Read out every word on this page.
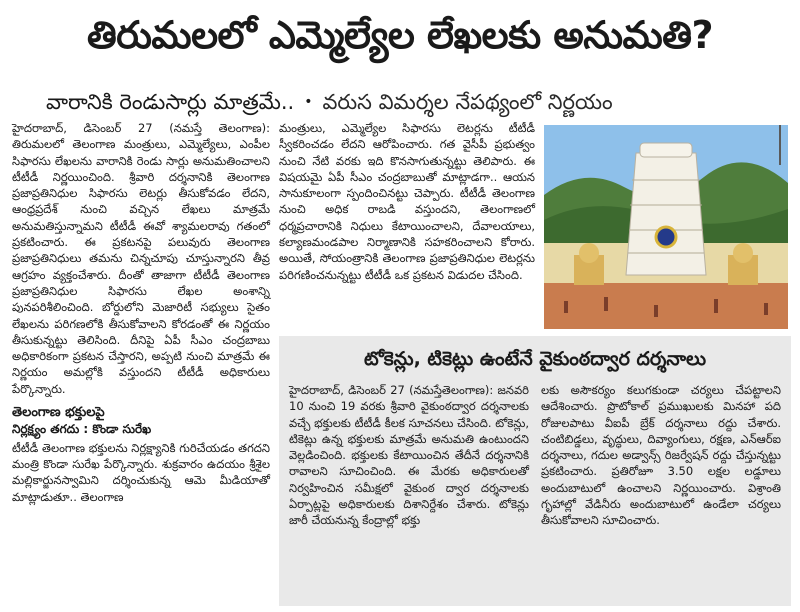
తిరుమలలో ఎమ్మెల్యేల లేఖలకు అనుమతి?
వారానికి రెండుసార్లు మాత్రమే.. • వరుస విమర్శల నేపథ్యంలో నిర్ణయం

హైదరాబాద్, డిసెంబర్ 27 (నమస్తే తెలంగాణ): తిరుమలలో తెలంగాణ మంత్రులు, ఎమ్మెల్యేలు, ఎంపీల సిఫారసు లేఖలను వారానికి రెండు సార్లు అనుమతించాలని టీటీడీ నిర్ణయించింది. శ్రీవారి దర్శనానికి తెలంగాణ ప్రజాప్రతినిధుల సిఫారసు లెటర్లు తీసుకోవడం లేదని, ఆంధ్రప్రదేశ్ నుంచి వచ్చిన లేఖలు మాత్రమే అనుమతిస్తున్నామని టీటీడీ ఈవో శ్యామలరావు గతంలో ప్రకటించారు. ఈ ప్రకటనపై పలువురు తెలంగాణ ప్రజాప్రతినిధులు తమను చిన్నచూపు చూస్తున్నారని తీవ్ర ఆగ్రహం వ్యక్తంచేశారు. దీంతో తాజాగా టీటీడీ తెలంగాణ ప్రజాప్రతినిధుల సిఫారసు లేఖల అంశాన్ని పునపరిశీలించింది. బోర్డులోని మెజారిటీ సభ్యులు సైతం లేఖలను పరిగణలోకి తీసుకోవాలని కోరడంతో ఈ నిర్ణయం తీసుకున్నట్టు తెలిసింది. దీనిపై ఏపీ సీఎం చంద్రబాబు అధికారికంగా ప్రకటన చేస్తారని, అప్పటి నుంచి మాత్రమే ఈ నిర్ణయం అమల్లోకి వస్తుందని టీటీడీ అధికారులు పేర్కొన్నారు.

తెలంగాణ భక్తులపై
నిర్లక్ష్యం తగదు : కొండా సురేఖ

టీటీడీ తెలంగాణ భక్తులను నిర్లక్ష్యానికి గురిచేయడం తగదని మంత్రి కొండా సురేఖ పేర్కొన్నారు. శుక్రవారం ఉదయం శ్రీశైల మల్లికార్జునస్వామిని దర్శించుకున్న ఆమె మీడియాతో మాట్లాడుతూ.. తెలంగాణ

మంత్రులు, ఎమ్మెల్యేల సిఫారసు లెటర్లను టీటీడీ స్వీకరించడం లేదని ఆరోపించారు. గత వైసీపీ ప్రభుత్వం నుంచి నేటి వరకు ఇది కొనసాగుతున్నట్టు తెలిపారు. ఈ విషయమై ఏపీ సీఎం చంద్రబాబుతో మాట్లాడగా.. ఆయన సానుకూలంగా స్పందించినట్టు చెప్పారు. టీటీడీ తెలంగాణ నుంచి అధిక రాబడి వస్తుందని, తెలంగాణలో ధర్మప్రచారానికి నిధులు కేటాయించాలని, దేవాలయాలు, కల్యాణమండపాల నిర్మాణానికి సహకరించాలని కోరారు. అయితే, సోయంత్రానికి తెలంగాణ ప్రజాప్రతినిధుల లెటర్లను పరిగణించనున్నట్టు టీటీడీ ఒక ప్రకటన విడుదల చేసింది.

టోకెన్లు, టికెట్లు ఉంటేనే వైకుంఠద్వార దర్శనాలు

హైదరాబాద్, డిసెంబర్ 27 (నమస్తేతెలంగాణ): జనవరి 10 నుంచి 19 వరకు శ్రీవారి వైకుంఠద్వార దర్శనాలకు వచ్చే భక్తులకు టీటీడీ కీలక సూచనలు చేసింది. టోకెన్లు, టికెట్లు ఉన్న భక్తులకు మాత్రమే అనుమతి ఉంటుందని వెల్లడించింది. భక్తులకు కేటాయించిన తేదీనే దర్శనానికి రావాలని సూచించింది. ఈ మేరకు అధికారులతో నిర్వహించిన సమీక్షలో వైకుంఠ ద్వార దర్శనాలకు ఏర్పాట్లపై అధికారులకు దిశానిర్దేశం చేశారు. టోకెన్లు జారీ చేయనున్న కేంద్రాల్లో భక్తు

లకు అసౌకర్యం కలుగకుండా చర్యలు చేపట్టాలని ఆదేశించారు. ప్రొటోకాల్ ప్రముఖులకు మినహా పది రోజులపాటు వీఐపీ బ్రేక్ దర్శనాలు రద్దు చేశారు. చంటిబిడ్డలు, వృద్ధులు, దివ్యాంగులు, రక్షణ, ఎన్ఆర్ఐ దర్శనాలు, గదుల అడ్వాన్స్ రిజర్వేషన్ రద్దు చేస్తున్నట్టు ప్రకటించారు. ప్రతిరోజూ 3.50 లక్షల లడ్డూలు అందుబాటులో ఉంచాలని నిర్ణయించారు. విశ్రాంతి గృహాల్లో వేడినీరు అందుబాటులో ఉండేలా చర్యలు తీసుకోవాలని సూచించారు.
